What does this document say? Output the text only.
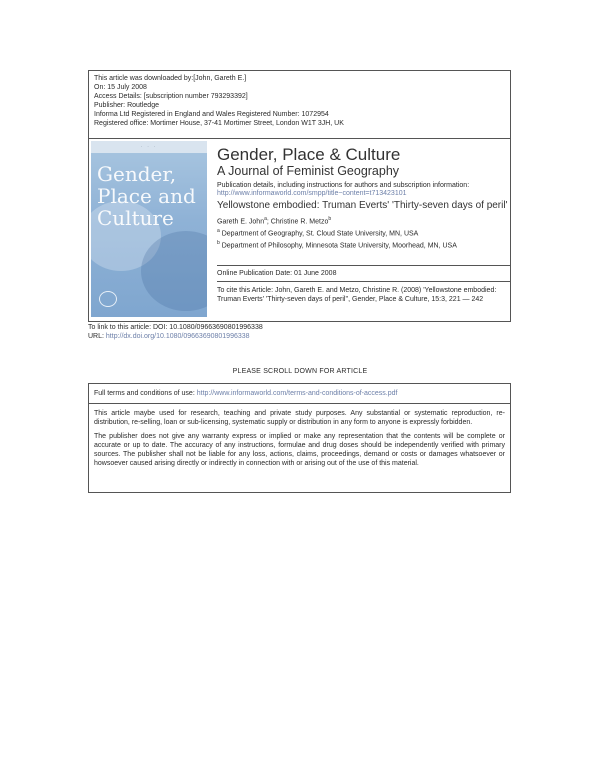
This article was downloaded by:[John, Gareth E.]
On: 15 July 2008
Access Details: [subscription number 793293392]
Publisher: Routledge
Informa Ltd Registered in England and Wales Registered Number: 1072954
Registered office: Mortimer House, 37-41 Mortimer Street, London W1T 3JH, UK
· · ·
Gender,
Place and
Culture
Gender, Place & Culture
A Journal of Feminist Geography
Publication details, including instructions for authors and subscription information:
http://www.informaworld.com/smpp/title~content=t713423101
Yellowstone embodied: Truman Everts' 'Thirty-seven days of peril'
Gareth E. John$^a$; Christine R. Metzo$^b$
$^a$ Department of Geography, St. Cloud State University, MN, USA
$^b$ Department of Philosophy, Minnesota State University, Moorhead, MN, USA
Online Publication Date: 01 June 2008
To cite this Article: John, Gareth E. and Metzo, Christine R. (2008) 'Yellowstone embodied: Truman Everts' 'Thirty-seven days of peril'', Gender, Place & Culture, 15:3, 221 — 242
To link to this article: DOI: 10.1080/09663690801996338
URL: http://dx.doi.org/10.1080/09663690801996338
PLEASE SCROLL DOWN FOR ARTICLE

Full terms and conditions of use: http://www.informaworld.com/terms-and-conditions-of-access.pdf

This article maybe used for research, teaching and private study purposes. Any substantial or systematic reproduction, re-distribution, re-selling, loan or sub-licensing, systematic supply or distribution in any form to anyone is expressly forbidden.

The publisher does not give any warranty express or implied or make any representation that the contents will be complete or accurate or up to date. The accuracy of any instructions, formulae and drug doses should be independently verified with primary sources. The publisher shall not be liable for any loss, actions, claims, proceedings, demand or costs or damages whatsoever or howsoever caused arising directly or indirectly in connection with or arising out of the use of this material.
